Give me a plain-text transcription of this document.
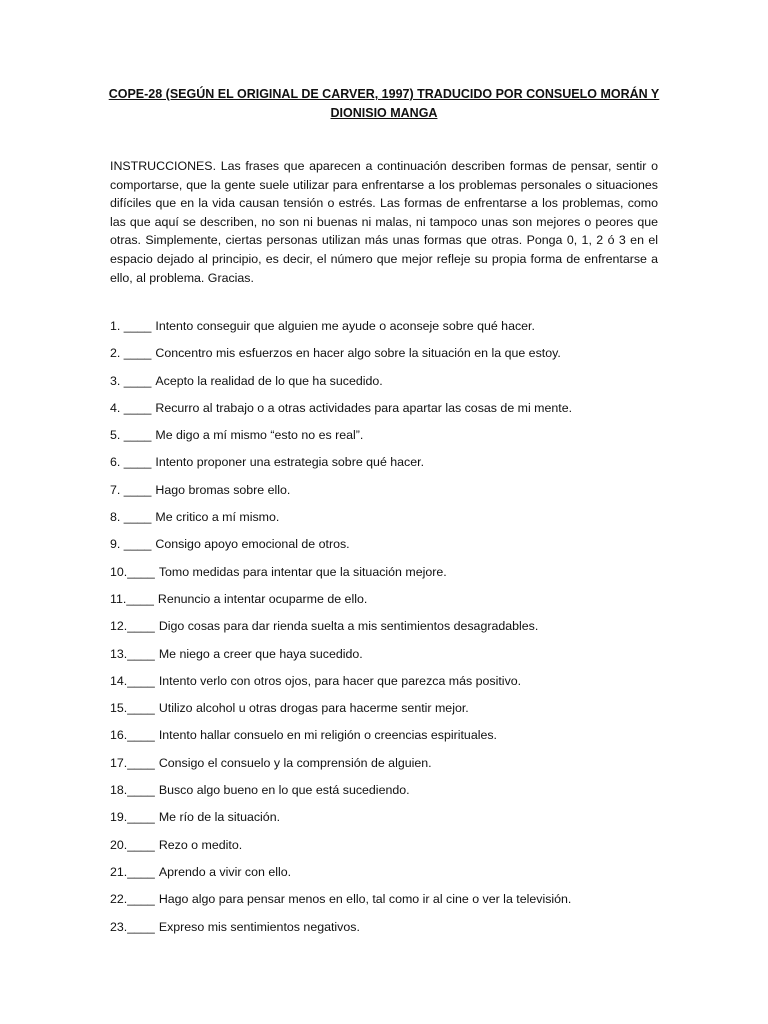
COPE-28 (SEGÚN EL ORIGINAL DE CARVER, 1997) TRADUCIDO POR CONSUELO MORÁN Y DIONISIO MANGA
INSTRUCCIONES. Las frases que aparecen a continuación describen formas de pensar, sentir o comportarse, que la gente suele utilizar para enfrentarse a los problemas personales o situaciones difíciles que en la vida causan tensión o estrés. Las formas de enfrentarse a los problemas, como las que aquí se describen, no son ni buenas ni malas, ni tampoco unas son mejores o peores que otras. Simplemente, ciertas personas utilizan más unas formas que otras. Ponga 0, 1, 2 ó 3 en el espacio dejado al principio, es decir, el número que mejor refleje su propia forma de enfrentarse a ello, al problema. Gracias.
1. ____ Intento conseguir que alguien me ayude o aconseje sobre qué hacer.
2. ____ Concentro mis esfuerzos en hacer algo sobre la situación en la que estoy.
3. ____ Acepto la realidad de lo que ha sucedido.
4. ____ Recurro al trabajo o a otras actividades para apartar las cosas de mi mente.
5. ____ Me digo a mí mismo “esto no es real”.
6. ____ Intento proponer una estrategia sobre qué hacer.
7. ____ Hago bromas sobre ello.
8. ____ Me critico a mí mismo.
9. ____ Consigo apoyo emocional de otros.
10.____ Tomo medidas para intentar que la situación mejore.
11.____ Renuncio a intentar ocuparme de ello.
12.____ Digo cosas para dar rienda suelta a mis sentimientos desagradables.
13.____ Me niego a creer que haya sucedido.
14.____ Intento verlo con otros ojos, para hacer que parezca más positivo.
15.____ Utilizo alcohol u otras drogas para hacerme sentir mejor.
16.____ Intento hallar consuelo en mi religión o creencias espirituales.
17.____ Consigo el consuelo y la comprensión de alguien.
18.____ Busco algo bueno en lo que está sucediendo.
19.____ Me río de la situación.
20.____ Rezo o medito.
21.____ Aprendo a vivir con ello.
22.____ Hago algo para pensar menos en ello, tal como ir al cine o ver la televisión.
23.____ Expreso mis sentimientos negativos.
